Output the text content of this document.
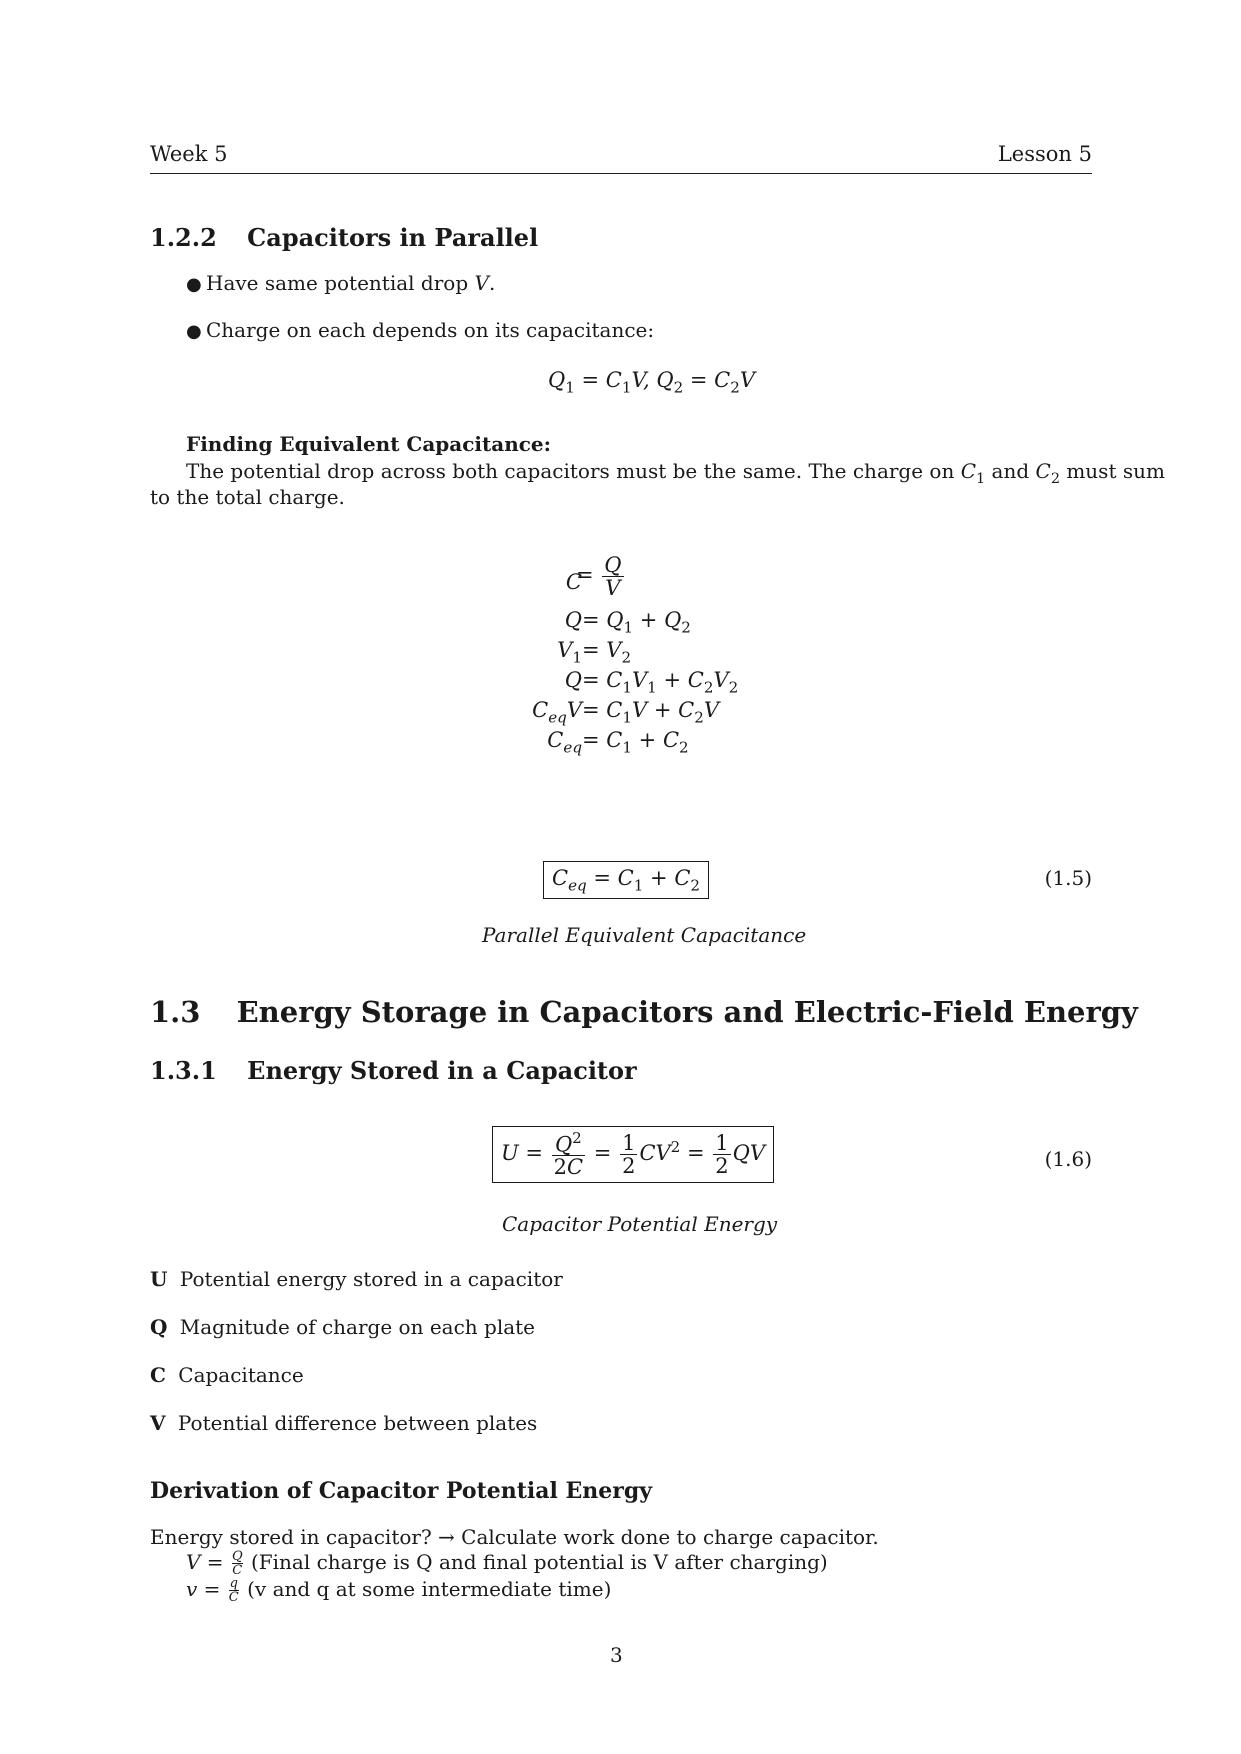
Week 5	Lesson 5
1.2.2 Capacitors in Parallel
● Have same potential drop V.
● Charge on each depends on its capacitance:
$Q_1 = C_1V$, $Q_2 = C_2V$
Finding Equivalent Capacitance:
The potential drop across both capacitors must be the same. The charge on $C_1$ and $C_2$ must sum
to the total charge.
C
= $\frac{Q}{V}$
$Q = Q_1 + Q_2$
$V_1 = V_2$
$Q = C_1V_1 + C_2V_2$
$C_{eq}V = C_1V + C_2V$
$C_{eq} = C_1 + C_2$
$C_{eq} = C_1 + C_2$	(1.5)
Parallel Equivalent Capacitance
1.3 Energy Storage in Capacitors and Electric-Field Energy
1.3.1 Energy Stored in a Capacitor
$U = \frac{Q^2}{2C} = \frac{1}{2} CV^2 = \frac{1}{2}$ QV	(1.6)
Capacitor Potential Energy
U Potential energy stored in a capacitor
Q Magnitude of charge on each plate
C Capacitance
V Potential difference between plates
Derivation of Capacitor Potential Energy
Energy stored in capacitor? → Calculate work done to charge capacitor.
$V = \frac{Q}{C}$ (Final charge is Q and final potential is V after charging)
$v = \frac{q}{C} (v$ and q at some intermediate time)
3
